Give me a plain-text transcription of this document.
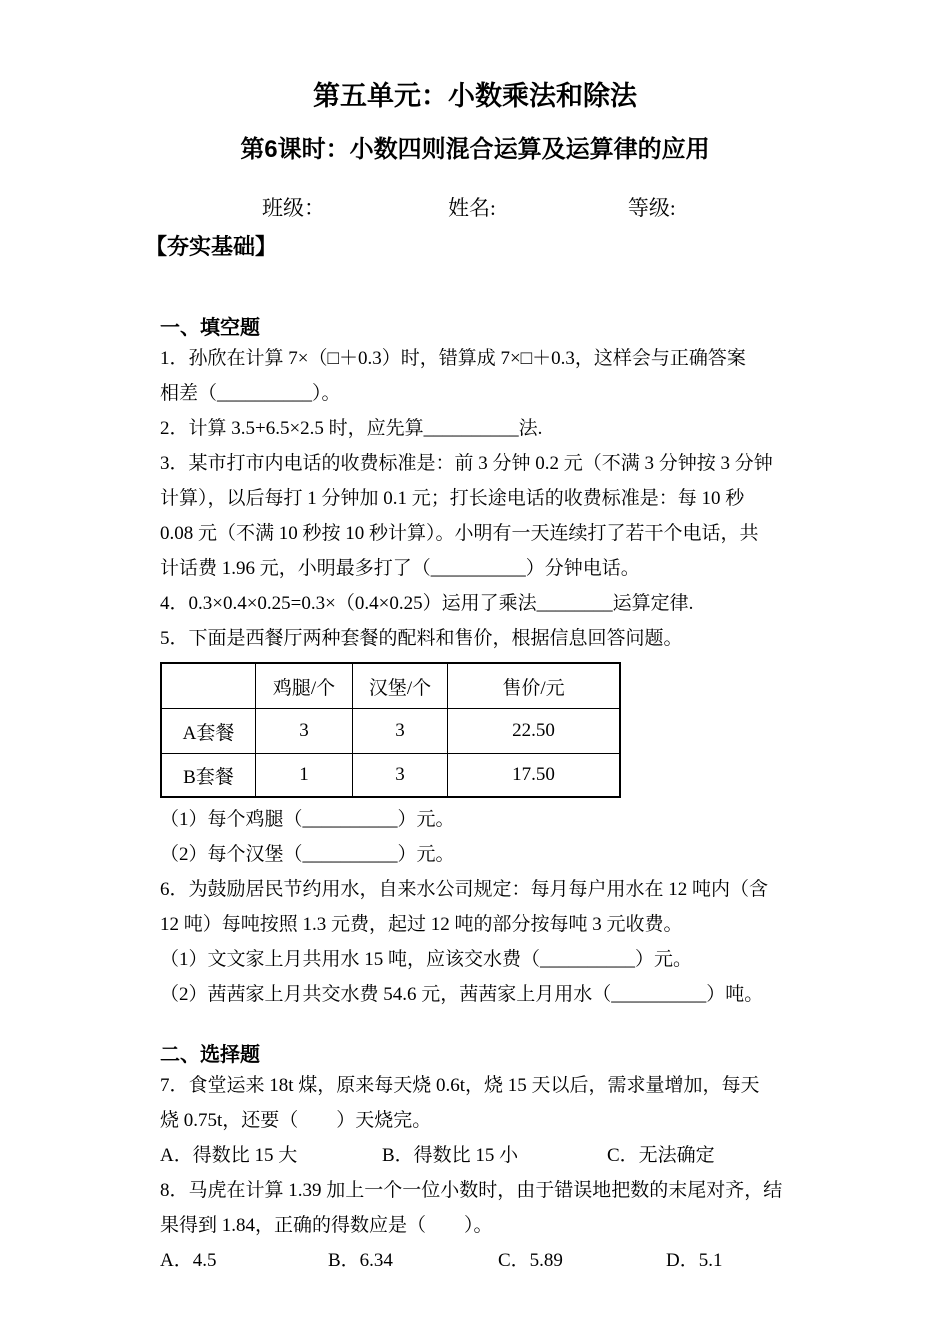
第五单元：小数乘法和除法
第6课时：小数四则混合运算及运算律的应用
班级：	姓名:	等级:
【夯实基础】
一、填空题
1．孙欣在计算 7×（□＋0.3）时，错算成 7×□＋0.3，这样会与正确答案
相差（__________）。
2．计算 3.5+6.5×2.5 时，应先算__________法.
3．某市打市内电话的收费标准是：前 3 分钟 0.2 元（不满 3 分钟按 3 分钟
计算），以后每打 1 分钟加 0.1 元；打长途电话的收费标准是：每 10 秒
0.08 元（不满 10 秒按 10 秒计算）。小明有一天连续打了若干个电话，共
计话费 1.96 元，小明最多打了（__________）分钟电话。
4．0.3×0.4×0.25=0.3×（0.4×0.25）运用了乘法________运算定律.
5．下面是西餐厅两种套餐的配料和售价，根据信息回答问题。
	鸡腿/个	汉堡/个	售价/元
A套餐	3	3	22.50
B套餐	1	3	17.50
（1）每个鸡腿（__________）元。
（2）每个汉堡（__________）元。
6．为鼓励居民节约用水，自来水公司规定：每月每户用水在 12 吨内（含
12 吨）每吨按照 1.3 元费，起过 12 吨的部分按每吨 3 元收费。
（1）文文家上月共用水 15 吨，应该交水费（__________）元。
（2）茜茜家上月共交水费 54.6 元，茜茜家上月用水（__________）吨。
二、选择题
7．食堂运来 18t 煤，原来每天烧 0.6t，烧 15 天以后，需求量增加，每天
烧 0.75t，还要（　　）天烧完。
A．得数比 15 大	B．得数比 15 小	C．无法确定
8．马虎在计算 1.39 加上一个一位小数时，由于错误地把数的末尾对齐，结
果得到 1.84，正确的得数应是（　　）。
A．4.5	B．6.34	C．5.89	D．5.1
